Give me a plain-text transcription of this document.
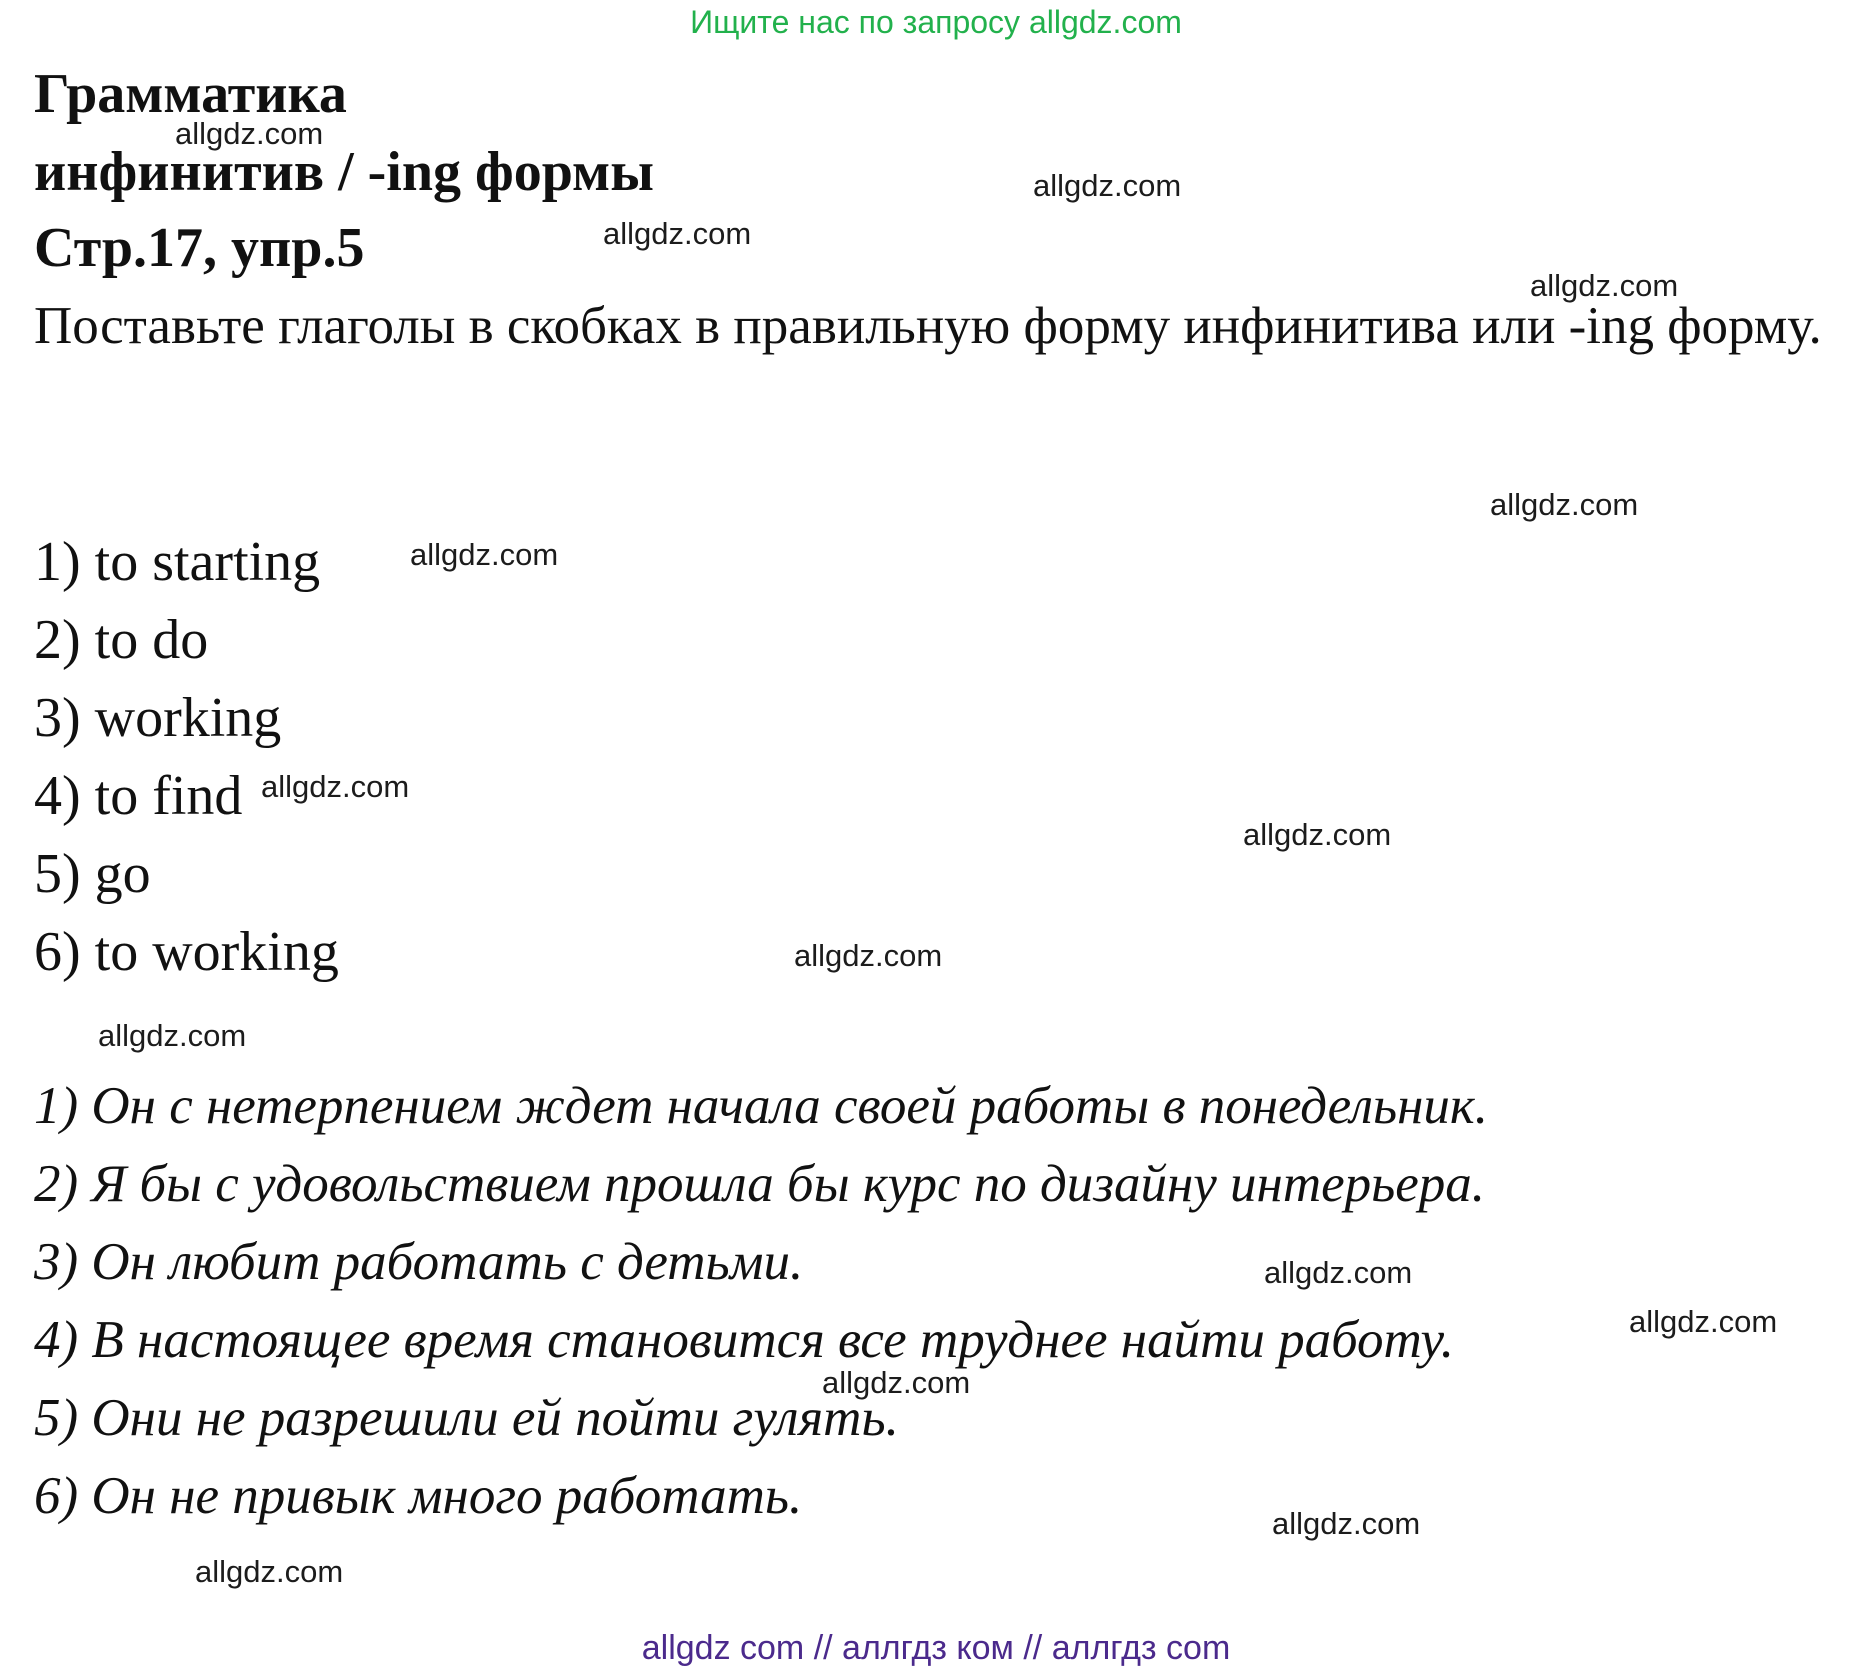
Ищите нас по запросу allgdz.com
Грамматика
инфинитив / -ing формы
Стр.17, упр.5

Поставьте глаголы в скобках в правильную форму инфинитива или -ing форму.

1) to starting
2) to do
3) working
4) to find
5) go
6) to working
1) Он с нетерпением ждет начала своей работы в понедельник.
2) Я бы с удовольствием прошла бы курс по дизайну интерьера.
3) Он любит работать с детьми.
4) В настоящее время становится все труднее найти работу.
5) Они не разрешили ей пойти гулять.
6) Он не привык много работать.
allgdz.com
allgdz.com
allgdz.com
allgdz.com
allgdz.com
allgdz.com
allgdz.com
allgdz.com
allgdz.com
allgdz.com
allgdz.com
allgdz.com
allgdz.com
allgdz.com
allgdz.com
allgdz com // аллгдз ком // аллгдз com
